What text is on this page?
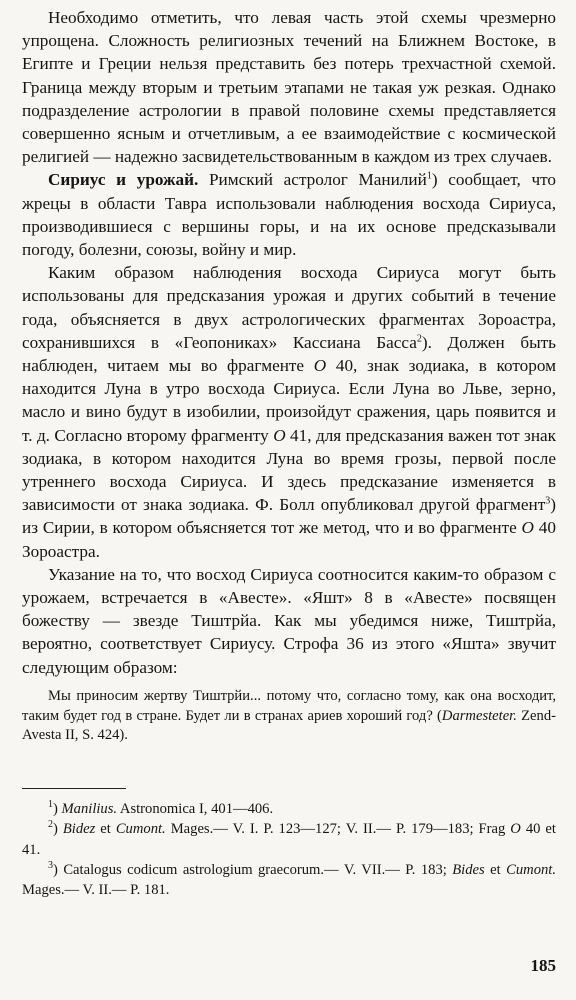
Необходимо отметить, что левая часть этой схемы чрезмерно упрощена. Сложность религиозных течений на Ближнем Востоке, в Египте и Греции нельзя представить без потерь трехчастной схемой. Граница между вторым и третьим этапами не такая уж резкая. Однако подразделение астрологии в правой половине схемы представляется совершенно ясным и отчетливым, а ее взаимодействие с космической религией — надежно засвидетельствованным в каждом из трех случаев.

Сириус и урожай. Римский астролог Манилий$^1$) сообщает, что жрецы в области Тавра использовали наблюдения восхода Сириуса, производившиеся с вершины горы, и на их основе предсказывали погоду, болезни, союзы, войну и мир.

Каким образом наблюдения восхода Сириуса могут быть использованы для предсказания урожая и других событий в течение года, объясняется в двух астрологических фрагментах Зороастра, сохранившихся в «Геопониках» Кассиана Басса$^2$). Должен быть наблюден, читаем мы во фрагменте O 40, знак зодиака, в котором находится Луна в утро восхода Сириуса. Если Луна во Льве, зерно, масло и вино будут в изобилии, произойдут сражения, царь появится и т. д. Согласно второму фрагменту O 41, для предсказания важен тот знак зодиака, в котором находится Луна во время грозы, первой после утреннего восхода Сириуса. И здесь предсказание изменяется в зависимости от знака зодиака. Ф. Болл опубликовал другой фрагмент$^3$) из Сирии, в котором объясняется тот же метод, что и во фрагменте O 40 Зороастра.

Указание на то, что восход Сириуса соотносится каким-то образом с урожаем, встречается в «Авесте». «Яшт» 8 в «Авесте» посвящен божеству — звезде Тиштрйа. Как мы убедимся ниже, Тиштрйа, вероятно, соответствует Сириусу. Строфа 36 из этого «Яшта» звучит следующим образом:

Мы приносим жертву Тиштрйи... потому что, согласно тому, как она восходит, таким будет год в стране. Будет ли в странах ариев хороший год? (Darmesteter. Zend-Avesta II, S. 424).

$^1$) Manilius. Astronomica I, 401—406.

$^2$) Bidez et Cumont. Mages.— V. I. P. 123—127; V. II.— P. 179—183; Frag O 40 et 41.

$^3$) Catalogus codicum astrologium graecorum.— V. VII.— P. 183; Bides et Cumont. Mages.— V. II.— P. 181.

185
